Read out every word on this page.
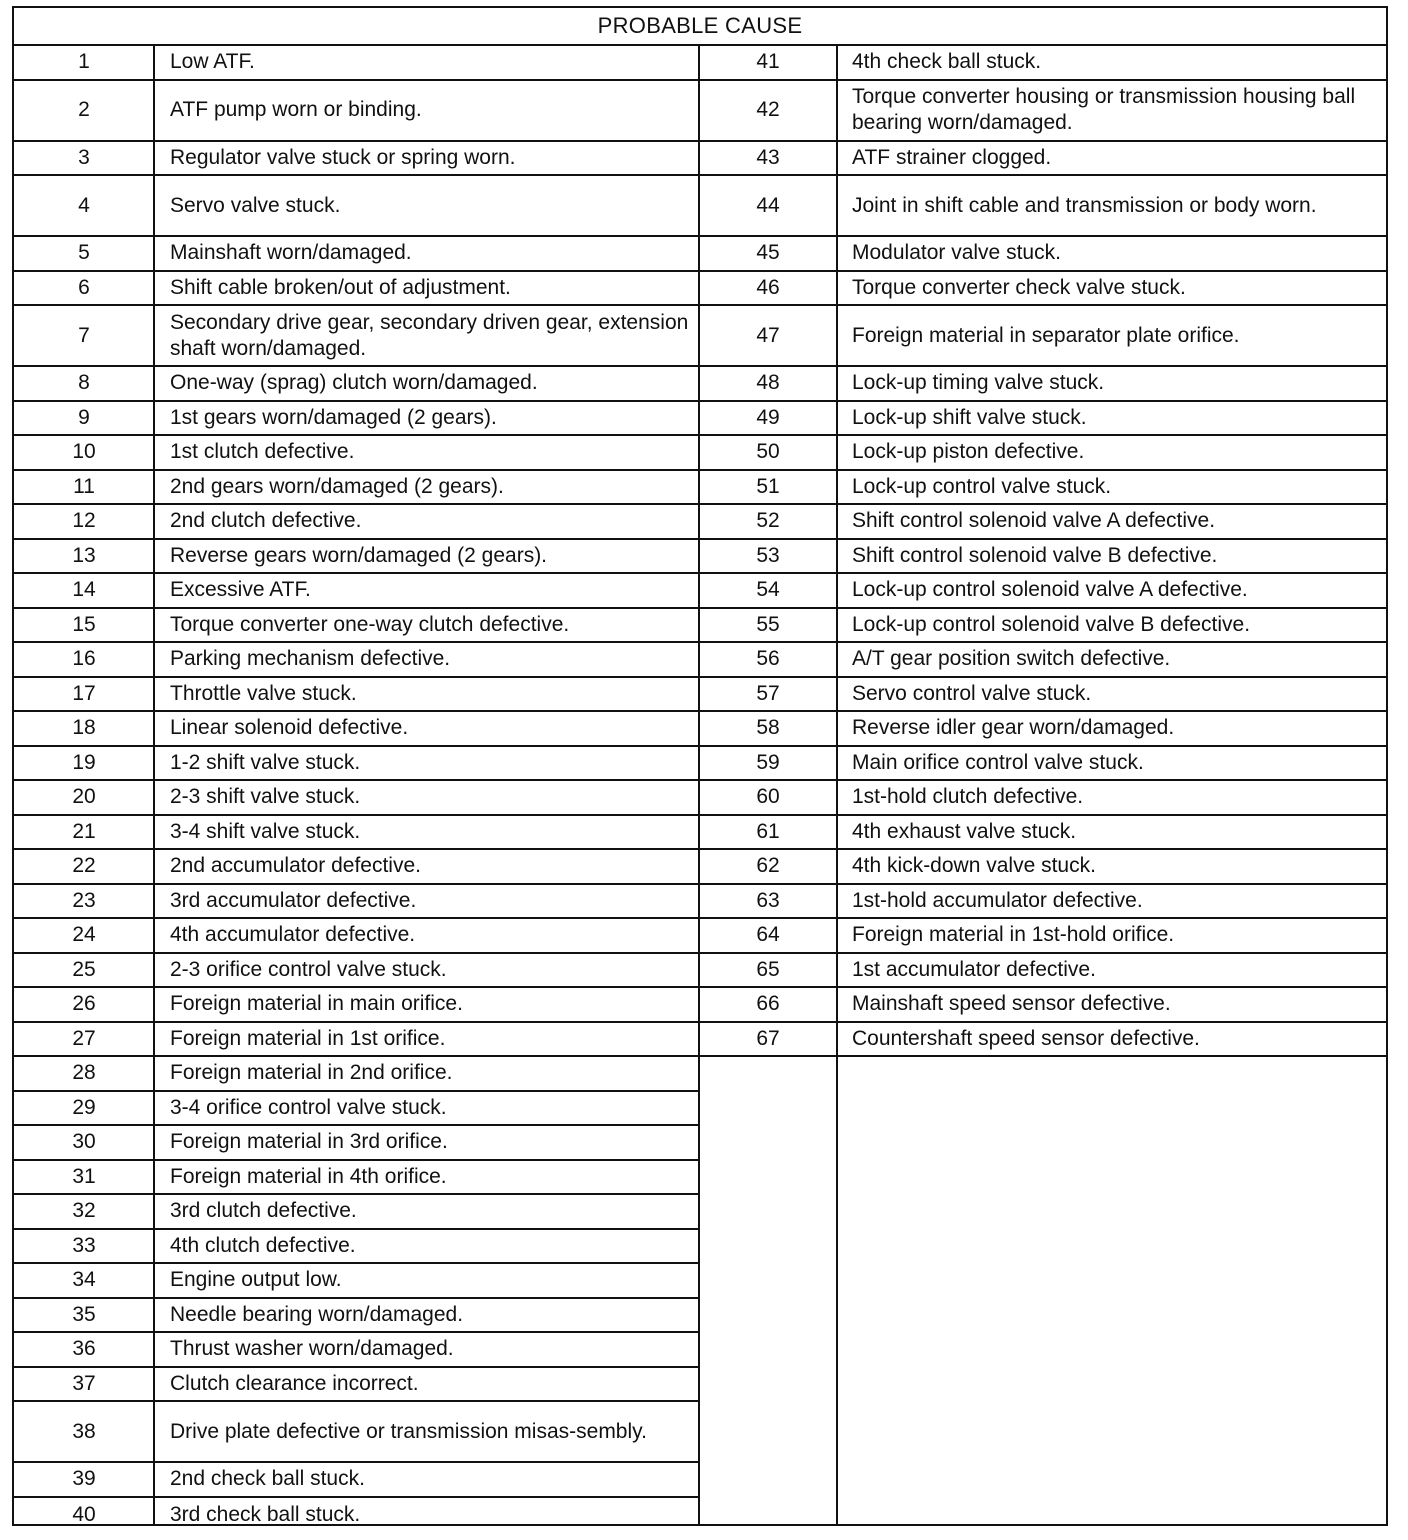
PROBABLE CAUSE
1	Low ATF.
2	ATF pump worn or binding.
3	Regulator valve stuck or spring worn.
4	Servo valve stuck.
5	Mainshaft worn/damaged.
6	Shift cable broken/out of adjustment.
7
Secondary drive gear, secondary driven gear, extension shaft worn/damaged.
8	One-way (sprag) clutch worn/damaged.
9	1st gears worn/damaged (2 gears).
10	1st clutch defective.
11	2nd gears worn/damaged (2 gears).
12	2nd clutch defective.
13	Reverse gears worn/damaged (2 gears).
14	Excessive ATF.
15	Torque converter one-way clutch defective.
16	Parking mechanism defective.
17	Throttle valve stuck.
18	Linear solenoid defective.
19	1-2 shift valve stuck.
20	2-3 shift valve stuck.
21	3-4 shift valve stuck.
22	2nd accumulator defective.
23	3rd accumulator defective.
24	4th accumulator defective.
25	2-3 orifice control valve stuck.
26	Foreign material in main orifice.
27	Foreign material in 1st orifice.
28	Foreign material in 2nd orifice.
29	3-4 orifice control valve stuck.
30	Foreign material in 3rd orifice.
31	Foreign material in 4th orifice.
32	3rd clutch defective.
33	4th clutch defective.
34	Engine output low.
35	Needle bearing worn/damaged.
36	Thrust washer worn/damaged.
37	Clutch clearance incorrect.
38	Drive plate defective or transmission misas-sembly.
39	2nd check ball stuck.
40	3rd check ball stuck.
41	4th check ball stuck.
42
Torque converter housing or transmission housing ball bearing worn/damaged.
43	ATF strainer clogged.
44	Joint in shift cable and transmission or body worn.
45	Modulator valve stuck.
46	Torque converter check valve stuck.
47	Foreign material in separator plate orifice.
48	Lock-up timing valve stuck.
49	Lock-up shift valve stuck.
50	Lock-up piston defective.
51	Lock-up control valve stuck.
52	Shift control solenoid valve A defective.
53	Shift control solenoid valve B defective.
54	Lock-up control solenoid valve A defective.
55	Lock-up control solenoid valve B defective.
56	A/T gear position switch defective.
57	Servo control valve stuck.
58	Reverse idler gear worn/damaged.
59	Main orifice control valve stuck.
60	1st-hold clutch defective.
61	4th exhaust valve stuck.
62	4th kick-down valve stuck.
63	1st-hold accumulator defective.
64	Foreign material in 1st-hold orifice.
65	1st accumulator defective.
66	Mainshaft speed sensor defective.
67	Countershaft speed sensor defective.
